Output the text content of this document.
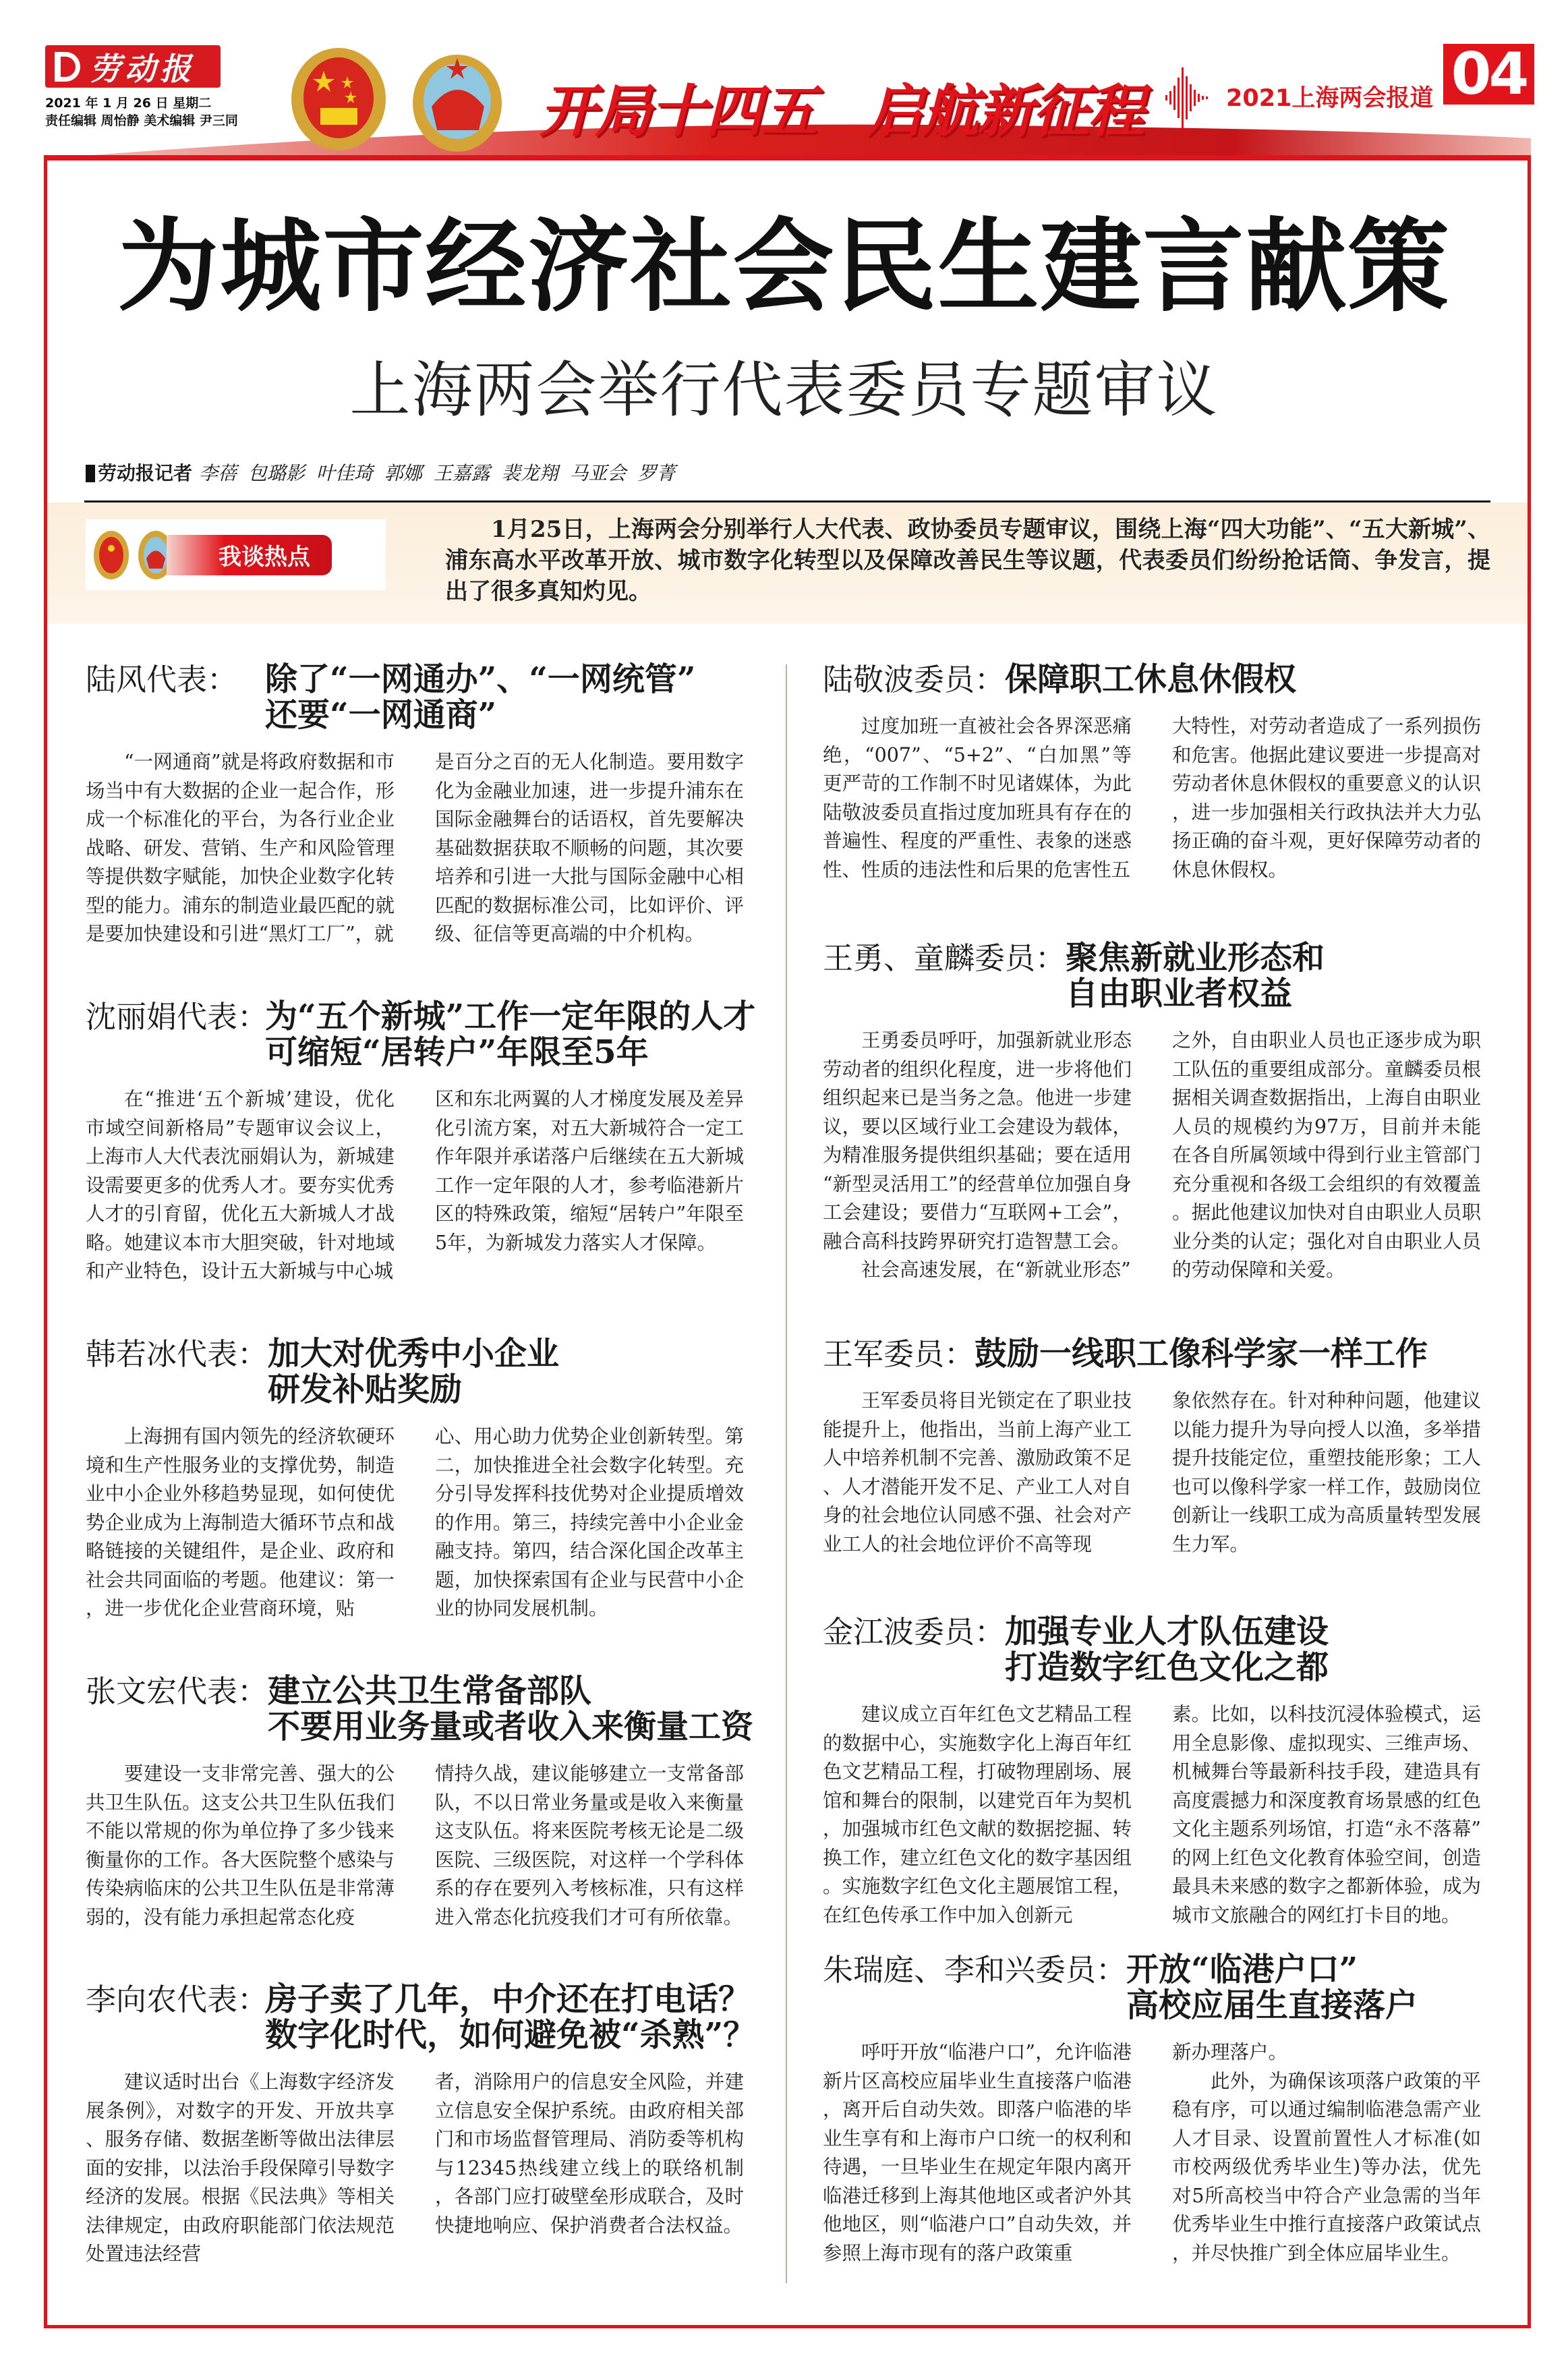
劳动报
2021 年 1 月 26 日 星期二
责任编辑 周怡静 美术编辑 尹三同	开局十四五 启航新征程	2021上海两会报道 04
为城市经济社会民生建言献策
上海两会举行代表委员专题审议
劳动报记者 李蓓 包璐影 叶佳琦 郭娜 王嘉露 裴龙翔 马亚会 罗菁
我谈热点
1月25日，上海两会分别举行人大代表、政协委员专题审议，围绕上海“四大功能”、“五大新城”、浦东高水平改革开放、城市数字化转型以及保障改善民生等议题，代表委员们纷纷抢话筒、争发言，提出了很多真知灼见。
陆风代表： 除了“一网通办”、“一网统管”
还要“一网通商”

“一网通商”就是将政府数据和市场当中有大数据的企业一起合作，形成一个标准化的平台，为各行业企业战略、研发、营销、生产和风险管理等提供数字赋能，加快企业数字化转型的能力。浦东的制造业最匹配的就是要加快建设和引进“黑灯工厂”，就

是百分之百的无人化制造。要用数字化为金融业加速，进一步提升浦东在国际金融舞台的话语权，首先要解决基础数据获取不顺畅的问题，其次要培养和引进一大批与国际金融中心相匹配的数据标准公司，比如评价、评级、征信等更高端的中介机构。

沈丽娟代表：
为“五个新城”工作一定年限的人才
可缩短“居转户”年限至5年

在“推进‘五个新城’建设，优化市域空间新格局”专题审议会议上，上海市人大代表沈丽娟认为，新城建设需要更多的优秀人才。要夯实优秀人才的引育留，优化五大新城人才战略。她建议本市大胆突破，针对地域和产业特色，设计五大新城与中心城

区和东北两翼的人才梯度发展及差异化引流方案，对五大新城符合一定工作年限并承诺落户后继续在五大新城工作一定年限的人才，参考临港新片区的特殊政策，缩短“居转户”年限至5年，为新城发力落实人才保障。

韩若冰代表： 加大对优秀中小企业
研发补贴奖励

上海拥有国内领先的经济软硬环境和生产性服务业的支撑优势，制造业中小企业外移趋势显现，如何使优势企业成为上海制造大循环节点和战略链接的关键组件，是企业、政府和社会共同面临的考题。他建议：第一，进一步优化企业营商环境，贴

心、用心助力优势企业创新转型。第二，加快推进全社会数字化转型。充分引导发挥科技优势对企业提质增效的作用。第三，持续完善中小企业金融支持。第四，结合深化国企改革主题，加快探索国有企业与民营中小企业的协同发展机制。

张文宏代表： 建立公共卫生常备部队
不要用业务量或者收入来衡量工资

要建设一支非常完善、强大的公共卫生队伍。这支公共卫生队伍我们不能以常规的你为单位挣了多少钱来衡量你的工作。各大医院整个感染与传染病临床的公共卫生队伍是非常薄弱的，没有能力承担起常态化疫

情持久战，建议能够建立一支常备部队，不以日常业务量或是收入来衡量这支队伍。将来医院考核无论是二级医院、三级医院，对这样一个学科体系的存在要列入考核标准，只有这样进入常态化抗疫我们才可有所依靠。

李向农代表：
房子卖了几年，中介还在打电话？
数字化时代，如何避免被“杀熟”？

建议适时出台《上海数字经济发展条例》，对数字的开发、开放共享、服务存储、数据垄断等做出法律层面的安排，以法治手段保障引导数字经济的发展。根据《民法典》等相关法律规定，由政府职能部门依法规范处置违法经营

者，消除用户的信息安全风险，并建立信息安全保护系统。由政府相关部门和市场监督管理局、消防委等机构与12345热线建立线上的联络机制，各部门应打破壁垒形成联合，及时快捷地响应、保护消费者合法权益。

陆敬波委员： 保障职工休息休假权

过度加班一直被社会各界深恶痛绝，“007”、“5+2”、“白加黑”等更严苛的工作制不时见诸媒体，为此陆敬波委员直指过度加班具有存在的普遍性、程度的严重性、表象的迷惑性、性质的违法性和后果的危害性五

大特性，对劳动者造成了一系列损伤和危害。他据此建议要进一步提高对劳动者休息休假权的重要意义的认识，进一步加强相关行政执法并大力弘扬正确的奋斗观，更好保障劳动者的休息休假权。

王勇、童麟委员： 聚焦新就业形态和
自由职业者权益

王勇委员呼吁，加强新就业形态劳动者的组织化程度，进一步将他们组织起来已是当务之急。他进一步建议，要以区域行业工会建设为载体，为精准服务提供组织基础；要在适用“新型灵活用工”的经营单位加强自身工会建设；要借力“互联网+工会”，融合高科技跨界研究打造智慧工会。

社会高速发展，在“新就业形态”

之外，自由职业人员也正逐步成为职工队伍的重要组成部分。童麟委员根据相关调查数据指出，上海自由职业人员的规模约为97万，目前并未能在各自所属领域中得到行业主管部门充分重视和各级工会组织的有效覆盖。据此他建议加快对自由职业人员职业分类的认定；强化对自由职业人员的劳动保障和关爱。

王军委员： 鼓励一线职工像科学家一样工作

王军委员将目光锁定在了职业技能提升上，他指出，当前上海产业工人中培养机制不完善、激励政策不足、人才潜能开发不足、产业工人对自身的社会地位认同感不强、社会对产业工人的社会地位评价不高等现

象依然存在。针对种种问题，他建议以能力提升为导向授人以渔，多举措提升技能定位，重塑技能形象；工人也可以像科学家一样工作，鼓励岗位创新让一线职工成为高质量转型发展生力军。

金江波委员： 加强专业人才队伍建设
打造数字红色文化之都

建议成立百年红色文艺精品工程的数据中心，实施数字化上海百年红色文艺精品工程，打破物理剧场、展馆和舞台的限制，以建党百年为契机，加强城市红色文献的数据挖掘、转换工作，建立红色文化的数字基因组。实施数字红色文化主题展馆工程，在红色传承工作中加入创新元

素。比如，以科技沉浸体验模式，运用全息影像、虚拟现实、三维声场、机械舞台等最新科技手段，建造具有高度震撼力和深度教育场景感的红色文化主题系列场馆，打造“永不落幕”的网上红色文化教育体验空间，创造最具未来感的数字之都新体验，成为城市文旅融合的网红打卡目的地。

朱瑞庭、李和兴委员： 开放“临港户口”
高校应届生直接落户

呼吁开放“临港户口”，允许临港新片区高校应届毕业生直接落户临港，离开后自动失效。即落户临港的毕业生享有和上海市户口统一的权利和待遇，一旦毕业生在规定年限内离开临港迁移到上海其他地区或者沪外其他地区，则“临港户口”自动失效，并参照上海市现有的落户政策重

新办理落户。

此外，为确保该项落户政策的平稳有序，可以通过编制临港急需产业人才目录、设置前置性人才标准(如市校两级优秀毕业生)等办法，优先对5所高校当中符合产业急需的当年优秀毕业生中推行直接落户政策试点，并尽快推广到全体应届毕业生。
